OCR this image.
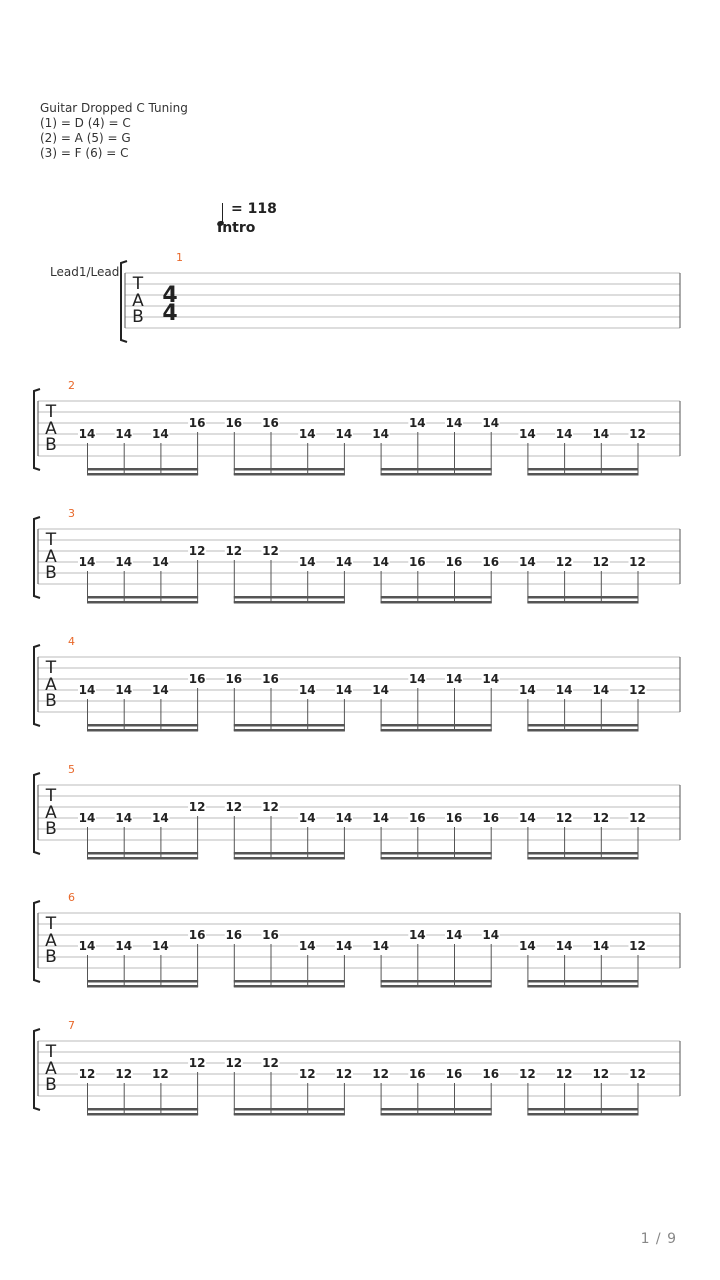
Guitar Dropped C Tuning
(1) = D (4) = C
(2) = A (5) = G
(3) = F (6) = C
= 118
Intro
Lead1/Lead
T
A
B
1
4
4
T
A
B
2
14 14 14
16 16 16
14 14 14
14 14 14
14 14 14 12
T
A
B
3
14 14 14
12 12 12
14 14 14 16 16 16 14 12 12 12
T
A
B
4
14 14 14
16 16 16
14 14 14
14 14 14
14 14 14 12
T
A
B
5
14 14 14
12 12 12
14 14 14 16 16 16 14 12 12 12
T
A
B
6
14 14 14
16 16 16
14 14 14
14 14 14
14 14 14 12
T
A
B
7
12 12 12
12 12 12
12 12 12 16 16 16 12 12 12 12
1 / 9
